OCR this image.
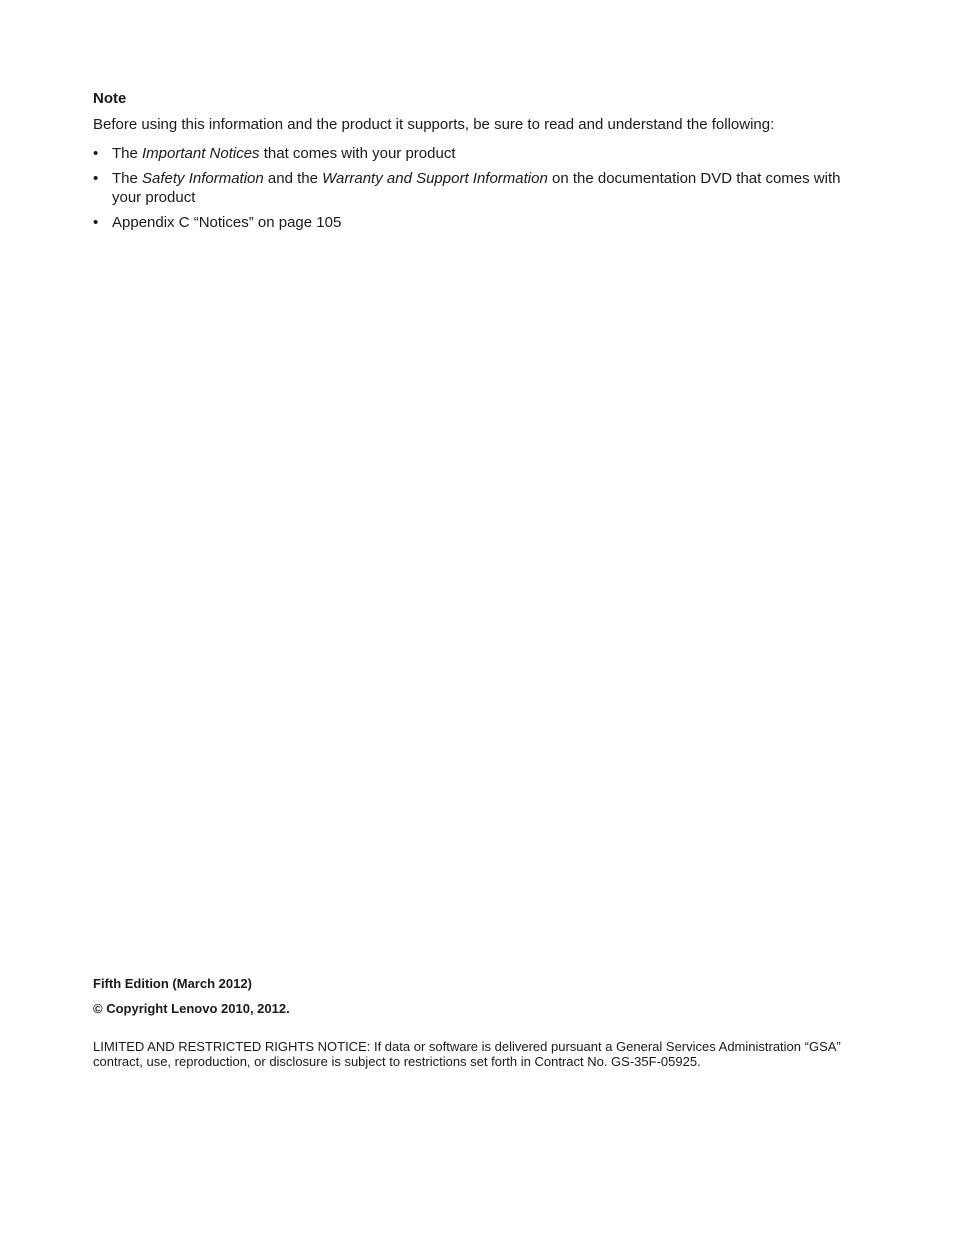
Note
Before using this information and the product it supports, be sure to read and understand the following:
• The Important Notices that comes with your product
• The Safety Information and the Warranty and Support Information on the documentation DVD that comes with your product
• Appendix C “Notices” on page 105
Fifth Edition (March 2012)
© Copyright Lenovo 2010, 2012.
LIMITED AND RESTRICTED RIGHTS NOTICE: If data or software is delivered pursuant a General Services Administration “GSA” contract, use, reproduction, or disclosure is subject to restrictions set forth in Contract No. GS-35F-05925.
